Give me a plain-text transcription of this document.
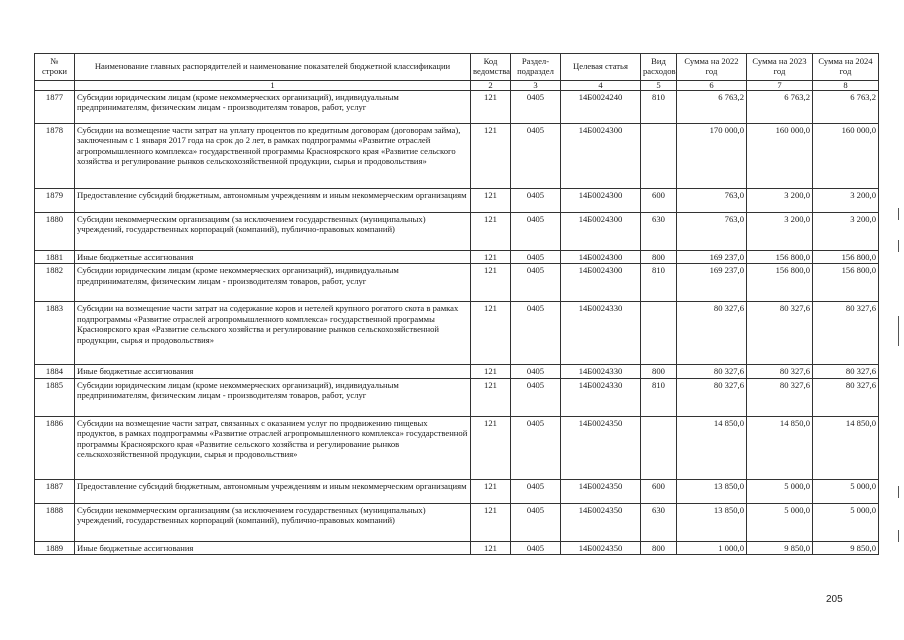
№ строки	Наименование главных распорядителей и наименование показателей бюджетной классификации	Код ведомства	Раздел-подраздел	Целевая статья	Вид расходов	Сумма на 2022 год	Сумма на 2023 год	Сумма на 2024 год
	1	2	3	4	5	6	7	8
1877	Субсидии юридическим лицам (кроме некоммерческих организаций), индивидуальным предпринимателям, физическим лицам - производителям товаров, работ, услуг	121	0405	14Б0024240	810	6 763,2	6 763,2	6 763,2
1878	Субсидии на возмещение части затрат на уплату процентов по кредитным договорам (договорам займа), заключенным с 1 января 2017 года на срок до 2 лет, в рамках подпрограммы «Развитие отраслей агропромышленного комплекса» государственной программы Красноярского края «Развитие сельского хозяйства и регулирование рынков сельскохозяйственной продукции, сырья и продовольствия»	121	0405	14Б0024300		170 000,0	160 000,0	160 000,0
1879	Предоставление субсидий бюджетным, автономным учреждениям и иным некоммерческим организациям	121	0405	14Б0024300	600	763,0	3 200,0	3 200,0
1880	Субсидии некоммерческим организациям (за исключением государственных (муниципальных) учреждений, государственных корпораций (компаний), публично-правовых компаний)	121	0405	14Б0024300	630	763,0	3 200,0	3 200,0
1881	Иные бюджетные ассигнования	121	0405	14Б0024300	800	169 237,0	156 800,0	156 800,0
1882	Субсидии юридическим лицам (кроме некоммерческих организаций), индивидуальным предпринимателям, физическим лицам - производителям товаров, работ, услуг	121	0405	14Б0024300	810	169 237,0	156 800,0	156 800,0
1883	Субсидии на возмещение части затрат на содержание коров и нетелей крупного рогатого скота в рамках подпрограммы «Развитие отраслей агропромышленного комплекса» государственной программы Красноярского края «Развитие сельского хозяйства и регулирование рынков сельскохозяйственной продукции, сырья и продовольствия»	121	0405	14Б0024330		80 327,6	80 327,6	80 327,6
1884	Иные бюджетные ассигнования	121	0405	14Б0024330	800	80 327,6	80 327,6	80 327,6
1885	Субсидии юридическим лицам (кроме некоммерческих организаций), индивидуальным предпринимателям, физическим лицам - производителям товаров, работ, услуг	121	0405	14Б0024330	810	80 327,6	80 327,6	80 327,6
1886	Субсидии на возмещение части затрат, связанных с оказанием услуг по продвижению пищевых продуктов, в рамках подпрограммы «Развитие отраслей агропромышленного комплекса» государственной программы Красноярского края «Развитие сельского хозяйства и регулирование рынков сельскохозяйственной продукции, сырья и продовольствия»	121	0405	14Б0024350		14 850,0	14 850,0	14 850,0
1887	Предоставление субсидий бюджетным, автономным учреждениям и иным некоммерческим организациям	121	0405	14Б0024350	600	13 850,0	5 000,0	5 000,0
1888	Субсидии некоммерческим организациям (за исключением государственных (муниципальных) учреждений, государственных корпораций (компаний), публично-правовых компаний)	121	0405	14Б0024350	630	13 850,0	5 000,0	5 000,0
1889	Иные бюджетные ассигнования	121	0405	14Б0024350	800	1 000,0	9 850,0	9 850,0
205
